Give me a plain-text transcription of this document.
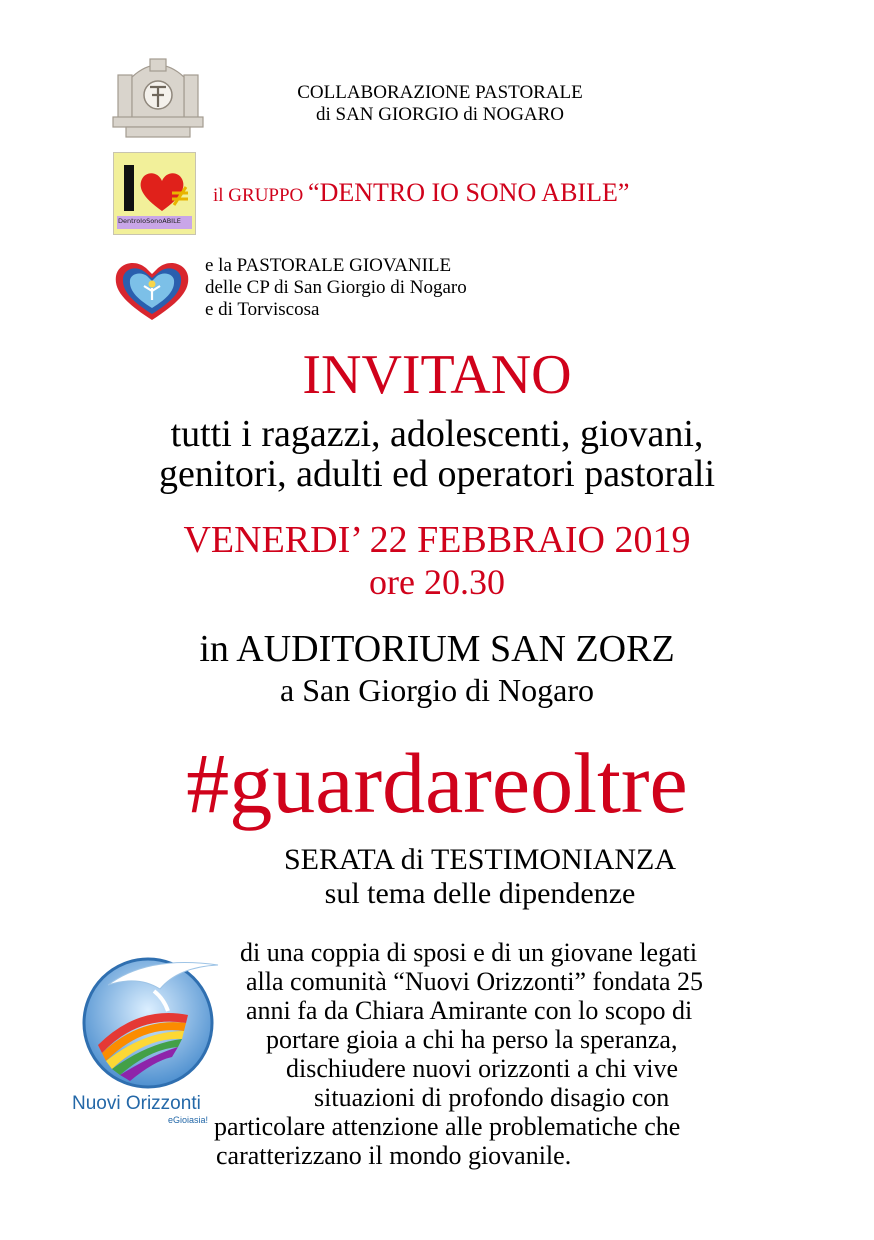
COLLABORAZIONE PASTORALE
di SAN GIORGIO di NOGARO
DentroIoSonoABILE
il GRUPPO “DENTRO IO SONO ABILE”
e la PASTORALE GIOVANILE
delle CP di San Giorgio di Nogaro
e di Torviscosa
INVITANO
tutti i ragazzi, adolescenti, giovani,
genitori, adulti ed operatori pastorali
VENERDI’ 22 FEBBRAIO 2019
ore 20.30
in AUDITORIUM SAN ZORZ
a San Giorgio di Nogaro
#guardareoltre
SERATA di TESTIMONIANZA
sul tema delle dipendenze
Nuovi Orizzonti
eGioiasia!
di una coppia di sposi e di un giovane legati
alla comunità “Nuovi Orizzonti” fondata 25
anni fa da Chiara Amirante con lo scopo di
portare gioia a chi ha perso la speranza,
dischiudere nuovi orizzonti a chi vive
situazioni di profondo disagio con
particolare attenzione alle problematiche che
caratterizzano il mondo giovanile.
